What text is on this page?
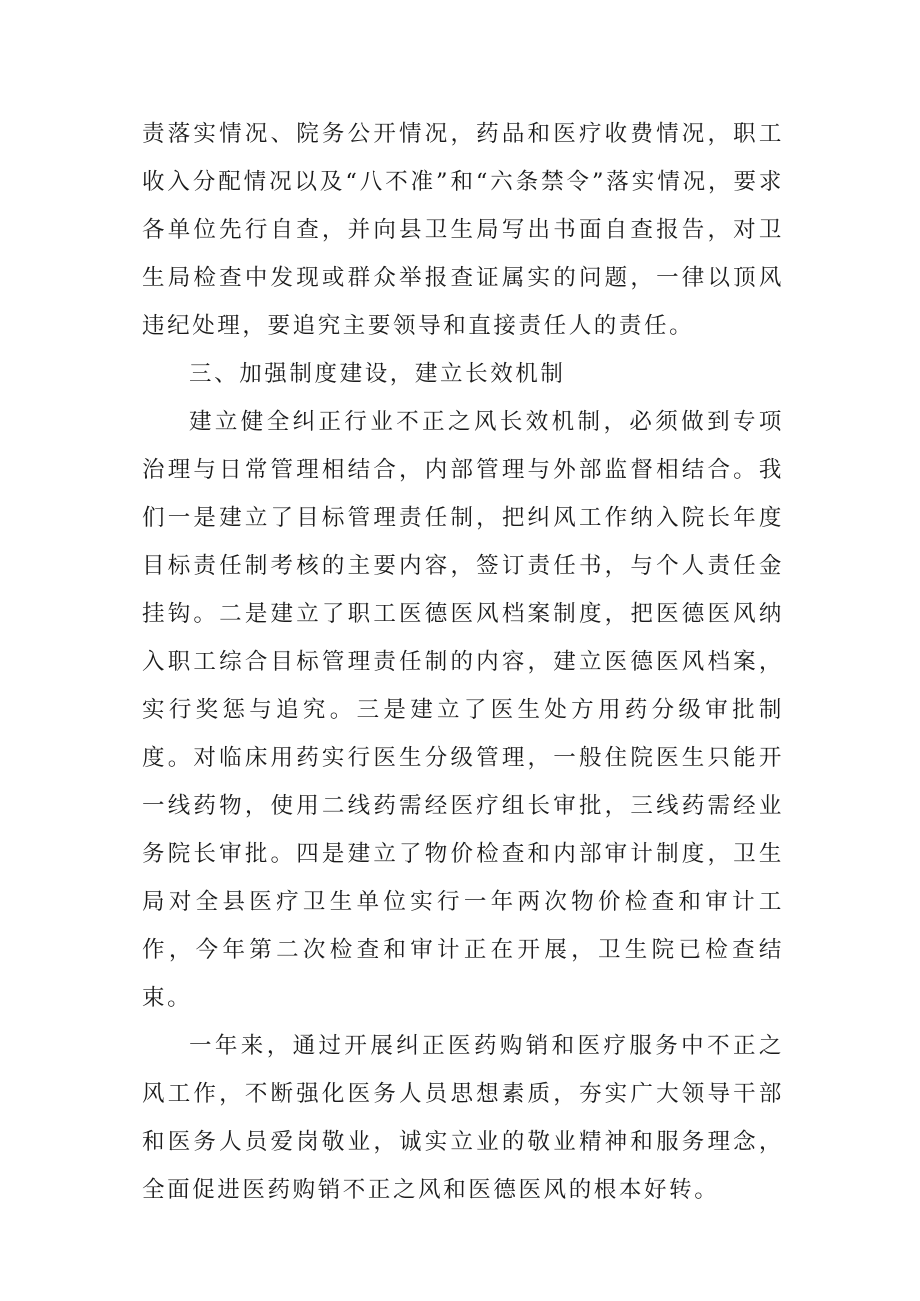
责落实情况、院务公开情况，药品和医疗收费情况，职工收入分配情况以及“八不准”和“六条禁令”落实情况，要求各单位先行自查，并向县卫生局写出书面自查报告，对卫生局检查中发现或群众举报查证属实的问题，一律以顶风违纪处理，要追究主要领导和直接责任人的责任。

三、加强制度建设，建立长效机制

建立健全纠正行业不正之风长效机制，必须做到专项治理与日常管理相结合，内部管理与外部监督相结合。我们一是建立了目标管理责任制，把纠风工作纳入院长年度目标责任制考核的主要内容，签订责任书，与个人责任金挂钩。二是建立了职工医德医风档案制度，把医德医风纳入职工综合目标管理责任制的内容，建立医德医风档案，实行奖惩与追究。三是建立了医生处方用药分级审批制度。对临床用药实行医生分级管理，一般住院医生只能开一线药物，使用二线药需经医疗组长审批，三线药需经业务院长审批。四是建立了物价检查和内部审计制度，卫生局对全县医疗卫生单位实行一年两次物价检查和审计工作，今年第二次检查和审计正在开展，卫生院已检查结束。

一年来，通过开展纠正医药购销和医疗服务中不正之风工作，不断强化医务人员思想素质，夯实广大领导干部和医务人员爱岗敬业，诚实立业的敬业精神和服务理念，全面促进医药购销不正之风和医德医风的根本好转。
